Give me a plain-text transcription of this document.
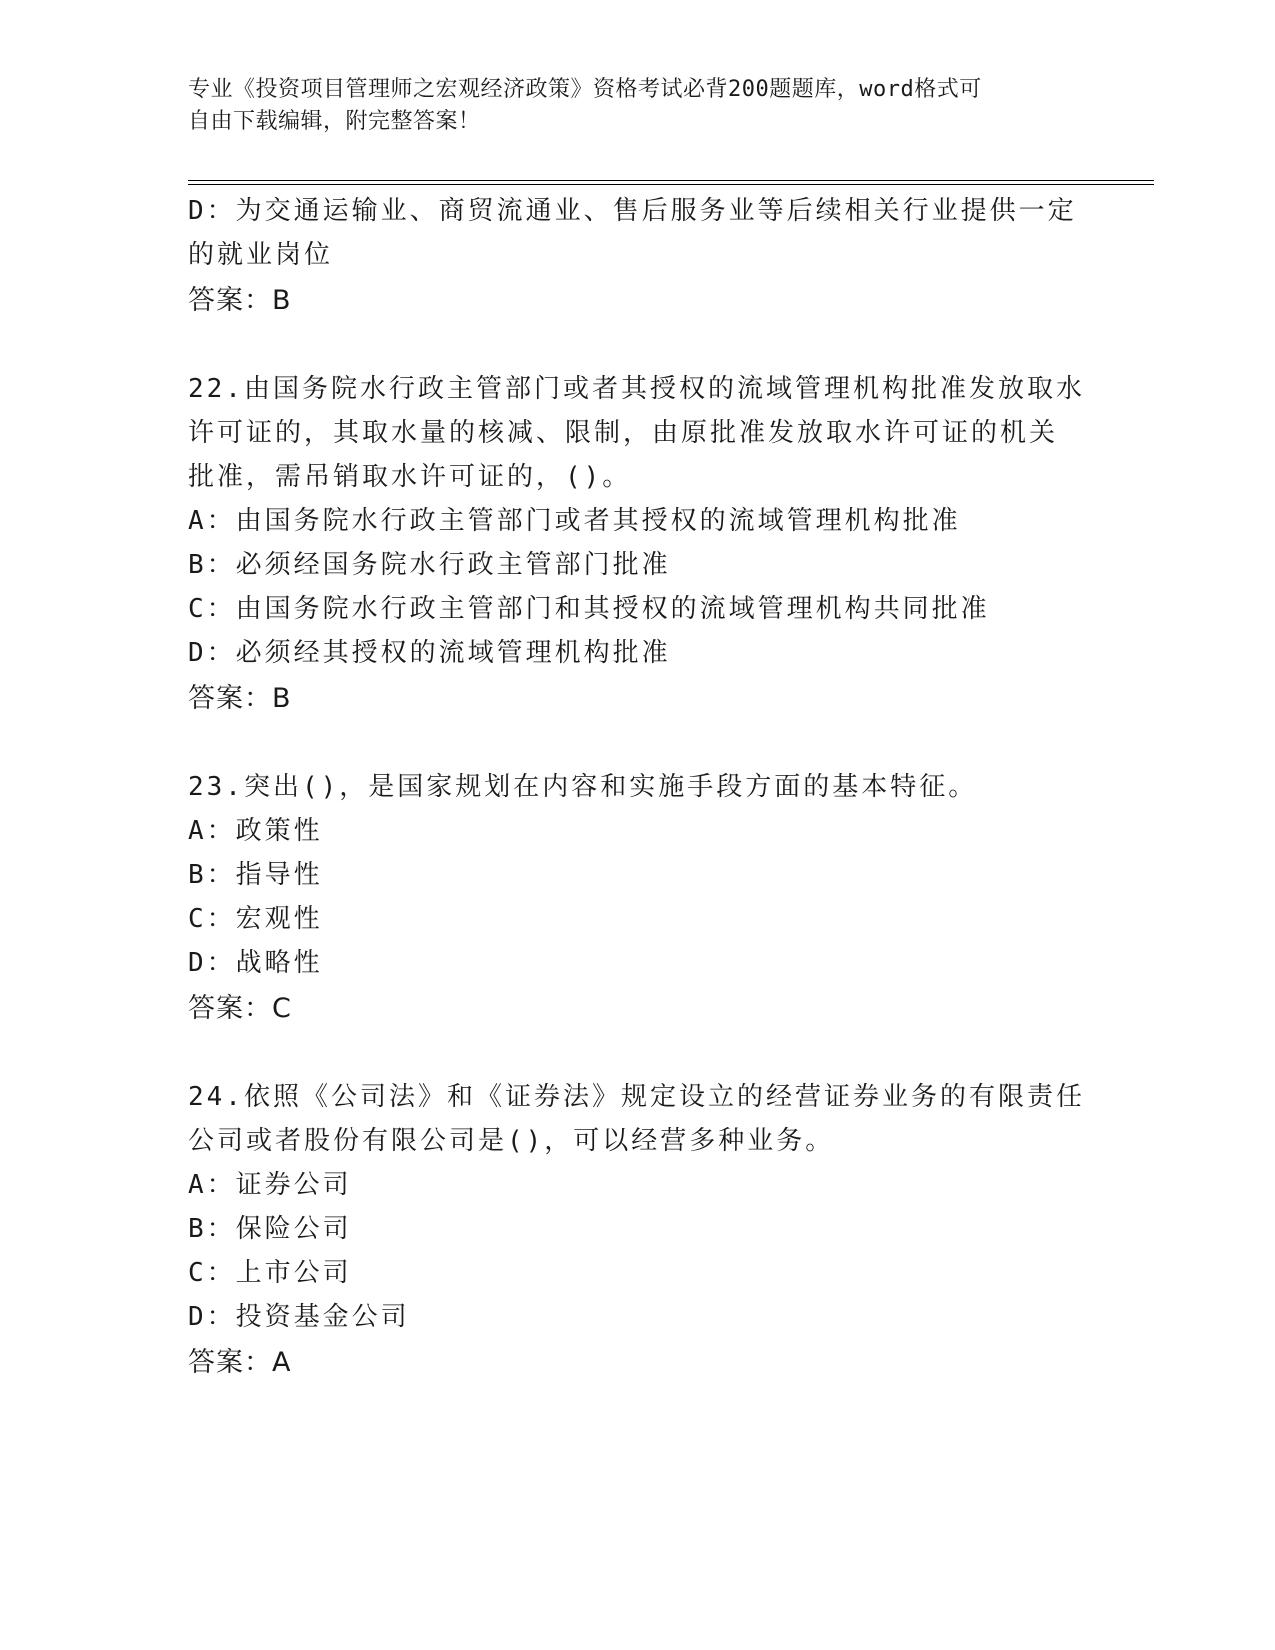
专业《投资项目管理师之宏观经济政策》资格考试必背200题题库，word格式可
自由下载编辑，附完整答案！
D：为交通运输业、商贸流通业、售后服务业等后续相关行业提供一定
的就业岗位
答案：B
22.由国务院水行政主管部门或者其授权的流域管理机构批准发放取水
许可证的，其取水量的核减、限制，由原批准发放取水许可证的机关
批准，需吊销取水许可证的，()。
A：由国务院水行政主管部门或者其授权的流域管理机构批准
B：必须经国务院水行政主管部门批准
C：由国务院水行政主管部门和其授权的流域管理机构共同批准
D：必须经其授权的流域管理机构批准
答案：B
23.突出()，是国家规划在内容和实施手段方面的基本特征。
A：政策性
B：指导性
C：宏观性
D：战略性
答案：C
24.依照《公司法》和《证券法》规定设立的经营证券业务的有限责任
公司或者股份有限公司是()，可以经营多种业务。
A：证券公司
B：保险公司
C：上市公司
D：投资基金公司
答案：A
